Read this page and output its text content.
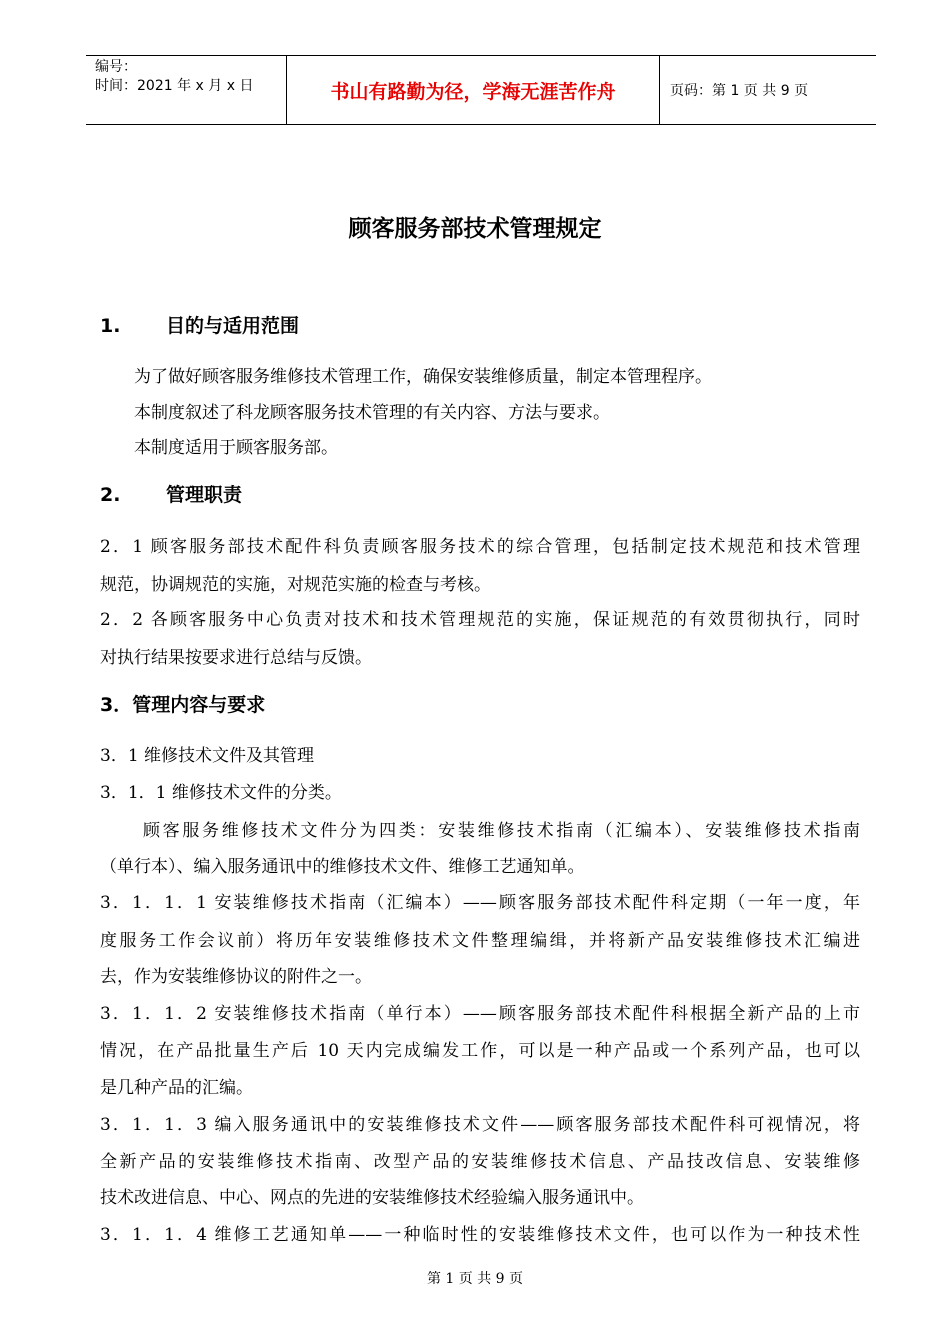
编号：
时间：2021 年 x 月 x 日	书山有路勤为径，学海无涯苦作舟	页码：第 1 页 共 9 页
顾客服务部技术管理规定
1. 目的与适用范围
为了做好顾客服务维修技术管理工作，确保安装维修质量，制定本管理程序。
本制度叙述了科龙顾客服务技术管理的有关内容、方法与要求。
本制度适用于顾客服务部。
2. 管理职责
2．1 顾客服务部技术配件科负责顾客服务技术的综合管理，包括制定技术规范和技术管理
规范，协调规范的实施，对规范实施的检查与考核。
2．2 各顾客服务中心负责对技术和技术管理规范的实施，保证规范的有效贯彻执行，同时
对执行结果按要求进行总结与反馈。
3．管理内容与要求
3．1 维修技术文件及其管理
3．1．1 维修技术文件的分类。
顾客服务维修技术文件分为四类：安装维修技术指南（汇编本）、安装维修技术指南
（单行本）、编入服务通讯中的维修技术文件、维修工艺通知单。
3．1．1．1 安装维修技术指南（汇编本）——顾客服务部技术配件科定期（一年一度，年
度服务工作会议前）将历年安装维修技术文件整理编缉，并将新产品安装维修技术汇编进
去，作为安装维修协议的附件之一。
3．1．1．2 安装维修技术指南（单行本）——顾客服务部技术配件科根据全新产品的上市
情况，在产品批量生产后 10 天内完成编发工作，可以是一种产品或一个系列产品，也可以
是几种产品的汇编。
3．1．1．3 编入服务通讯中的安装维修技术文件——顾客服务部技术配件科可视情况，将
全新产品的安装维修技术指南、改型产品的安装维修技术信息、产品技改信息、安装维修
技术改进信息、中心、网点的先进的安装维修技术经验编入服务通讯中。
3．1．1．4 维修工艺通知单——一种临时性的安装维修技术文件，也可以作为一种技术性
第 1 页 共 9 页
